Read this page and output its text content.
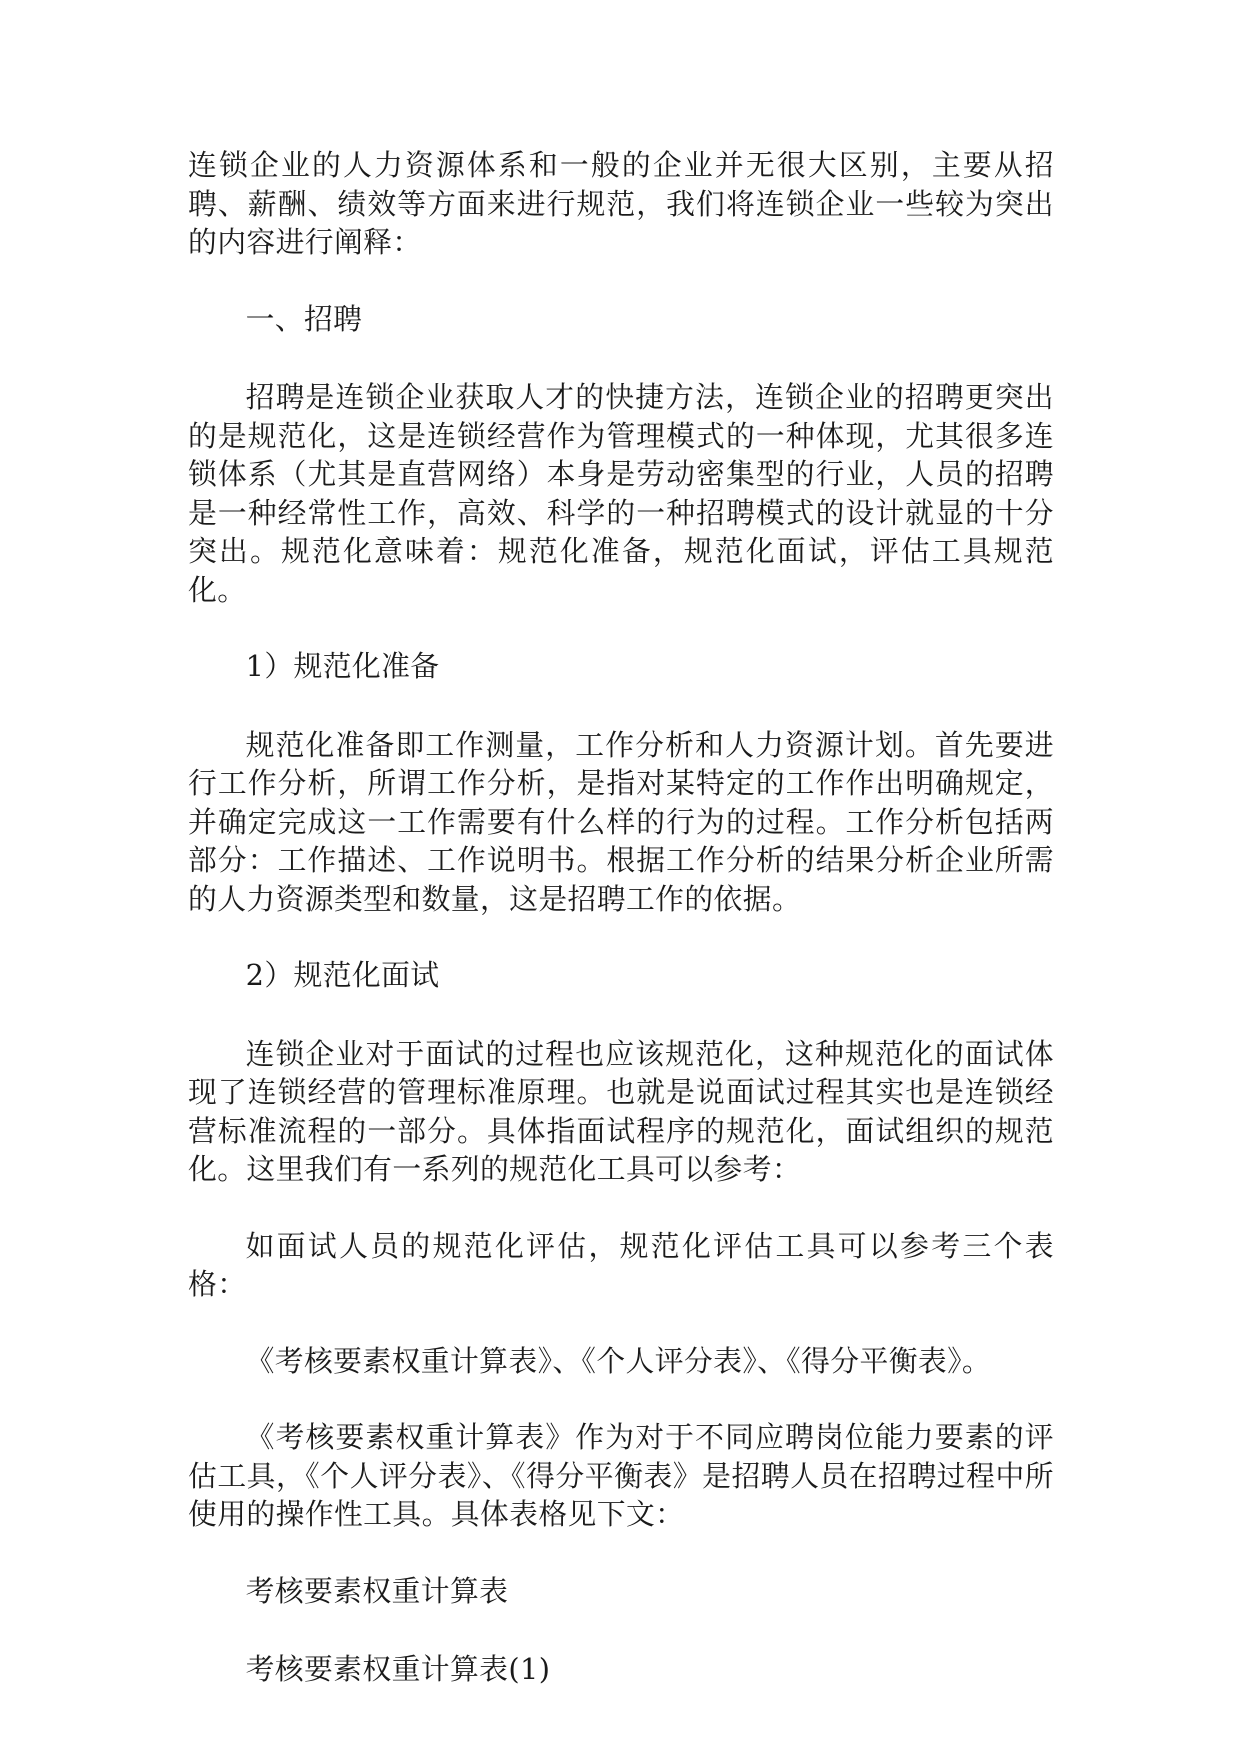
连锁企业的人力资源体系和一般的企业并无很大区别，主要从招聘、薪酬、绩效等方面来进行规范，我们将连锁企业一些较为突出的内容进行阐释：

一、招聘

招聘是连锁企业获取人才的快捷方法，连锁企业的招聘更突出的是规范化，这是连锁经营作为管理模式的一种体现，尤其很多连锁体系（尤其是直营网络）本身是劳动密集型的行业，人员的招聘是一种经常性工作，高效、科学的一种招聘模式的设计就显的十分突出。规范化意味着：规范化准备，规范化面试，评估工具规范化。

1）规范化准备

规范化准备即工作测量，工作分析和人力资源计划。首先要进行工作分析，所谓工作分析，是指对某特定的工作作出明确规定，并确定完成这一工作需要有什么样的行为的过程。工作分析包括两部分：工作描述、工作说明书。根据工作分析的结果分析企业所需的人力资源类型和数量，这是招聘工作的依据。

2）规范化面试

连锁企业对于面试的过程也应该规范化，这种规范化的面试体现了连锁经营的管理标准原理。也就是说面试过程其实也是连锁经营标准流程的一部分。具体指面试程序的规范化，面试组织的规范化。这里我们有一系列的规范化工具可以参考：

如面试人员的规范化评估，规范化评估工具可以参考三个表格：

《考核要素权重计算表》、《个人评分表》、《得分平衡表》。

《考核要素权重计算表》作为对于不同应聘岗位能力要素的评估工具，《个人评分表》、《得分平衡表》是招聘人员在招聘过程中所使用的操作性工具。具体表格见下文：

考核要素权重计算表

考核要素权重计算表(1)
